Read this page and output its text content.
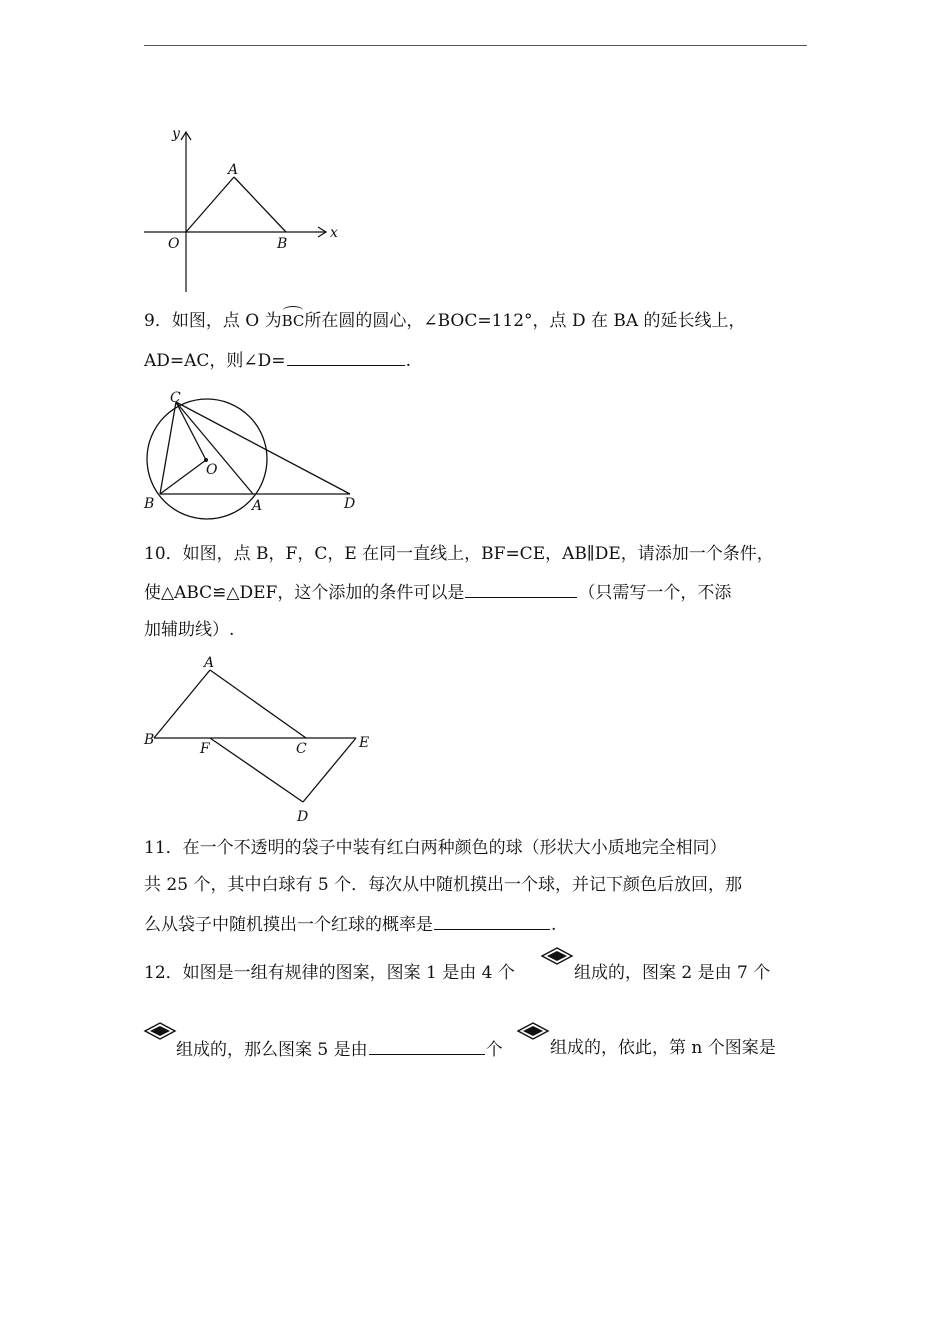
y
x
O
A
B
9．如图，点 O 为BC所在圆的圆心，∠BOC=112°，点 D 在 BA 的延长线上，
AD=AC，则∠D=	.
C
O
B	A	D
10．如图，点 B，F，C，E 在同一直线上，BF=CE，AB∥DE，请添加一个条件，
使△ABC≌△DEF，这个添加的条件可以是	（只需写一个，不添
加辅助线）.
A
B
F	C	E
D
11．在一个不透明的袋子中装有红白两种颜色的球（形状大小质地完全相同）
共 25 个，其中白球有 5 个．每次从中随机摸出一个球，并记下颜色后放回，那
么从袋子中随机摸出一个红球的概率是	.
12．如图是一组有规律的图案，图案 1 是由 4 个	组成的，图案 2 是由 7 个
组成的，那么图案 5 是由	个	组成的，依此，第 n 个图案是
